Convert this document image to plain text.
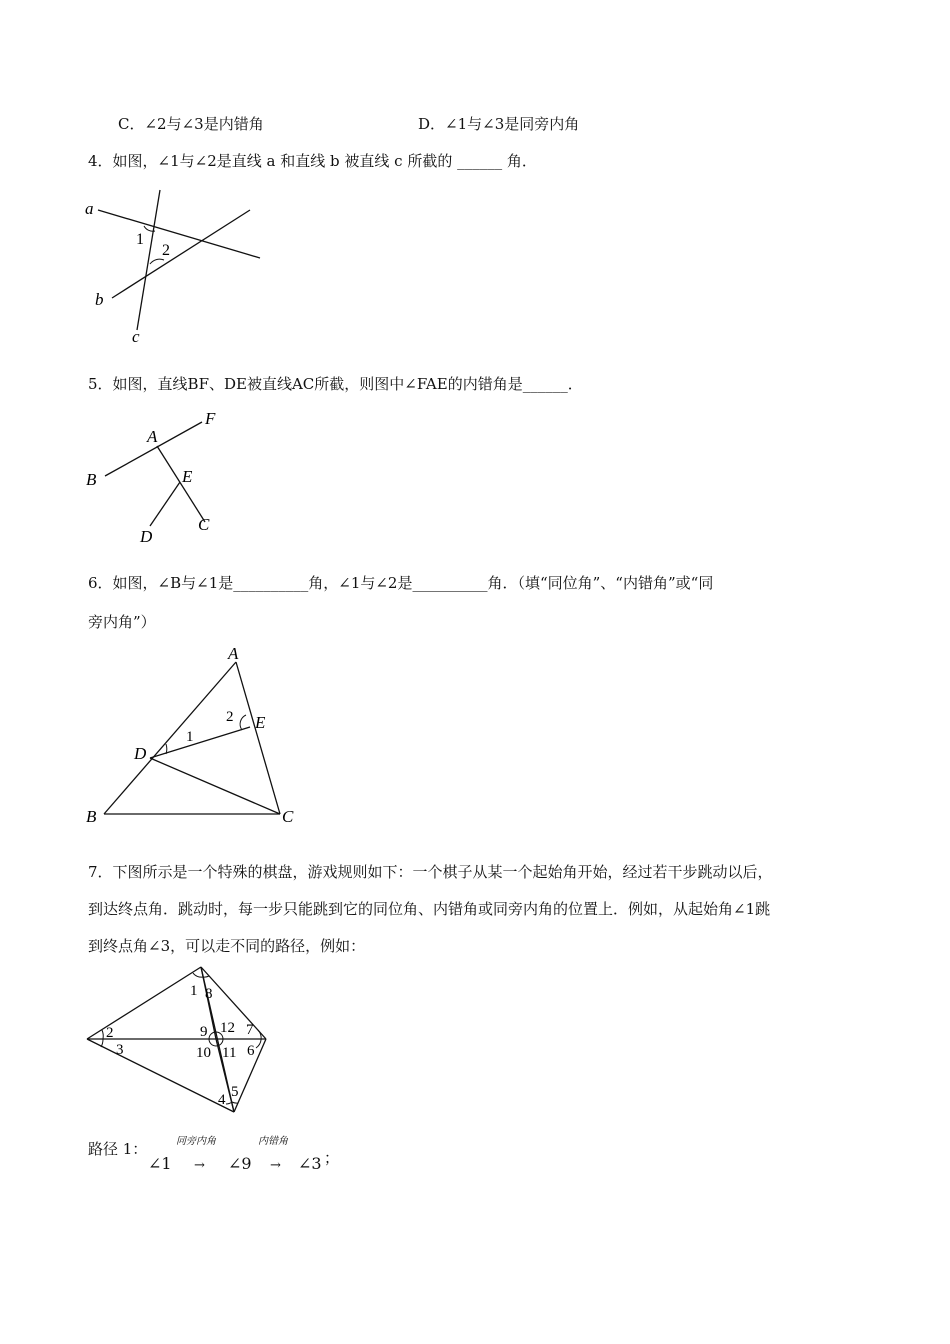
C．∠2与∠3是内错角	D．∠1与∠3是同旁内角
4．如图，∠1与∠2是直线 a 和直线 b 被直线 c 所截的 ______ 角．
a
b
c
1
2
5．如图，直线BF、DE被直线AC所截，则图中∠FAE的内错角是______．
A
B
C
D
E
F
6．如图，∠B与∠1是__________角，∠1与∠2是__________角．（填“同位角”、“内错角”或“同
旁内角”）
A
B	C
D
E
1
2
7．下图所示是一个特殊的棋盘，游戏规则如下：一个棋子从某一个起始角开始，经过若干步跳动以后，
到达终点角．跳动时，每一步只能跳到它的同位角、内错角或同旁内角的位置上．例如，从起始角∠1跳
到终点角∠3，可以走不同的路径，例如：
1
2
3
4 5
6
7
8
9
10 11
12
路径 1：	同旁内角	内错角
∠1 → ∠9 → ∠3 ；
